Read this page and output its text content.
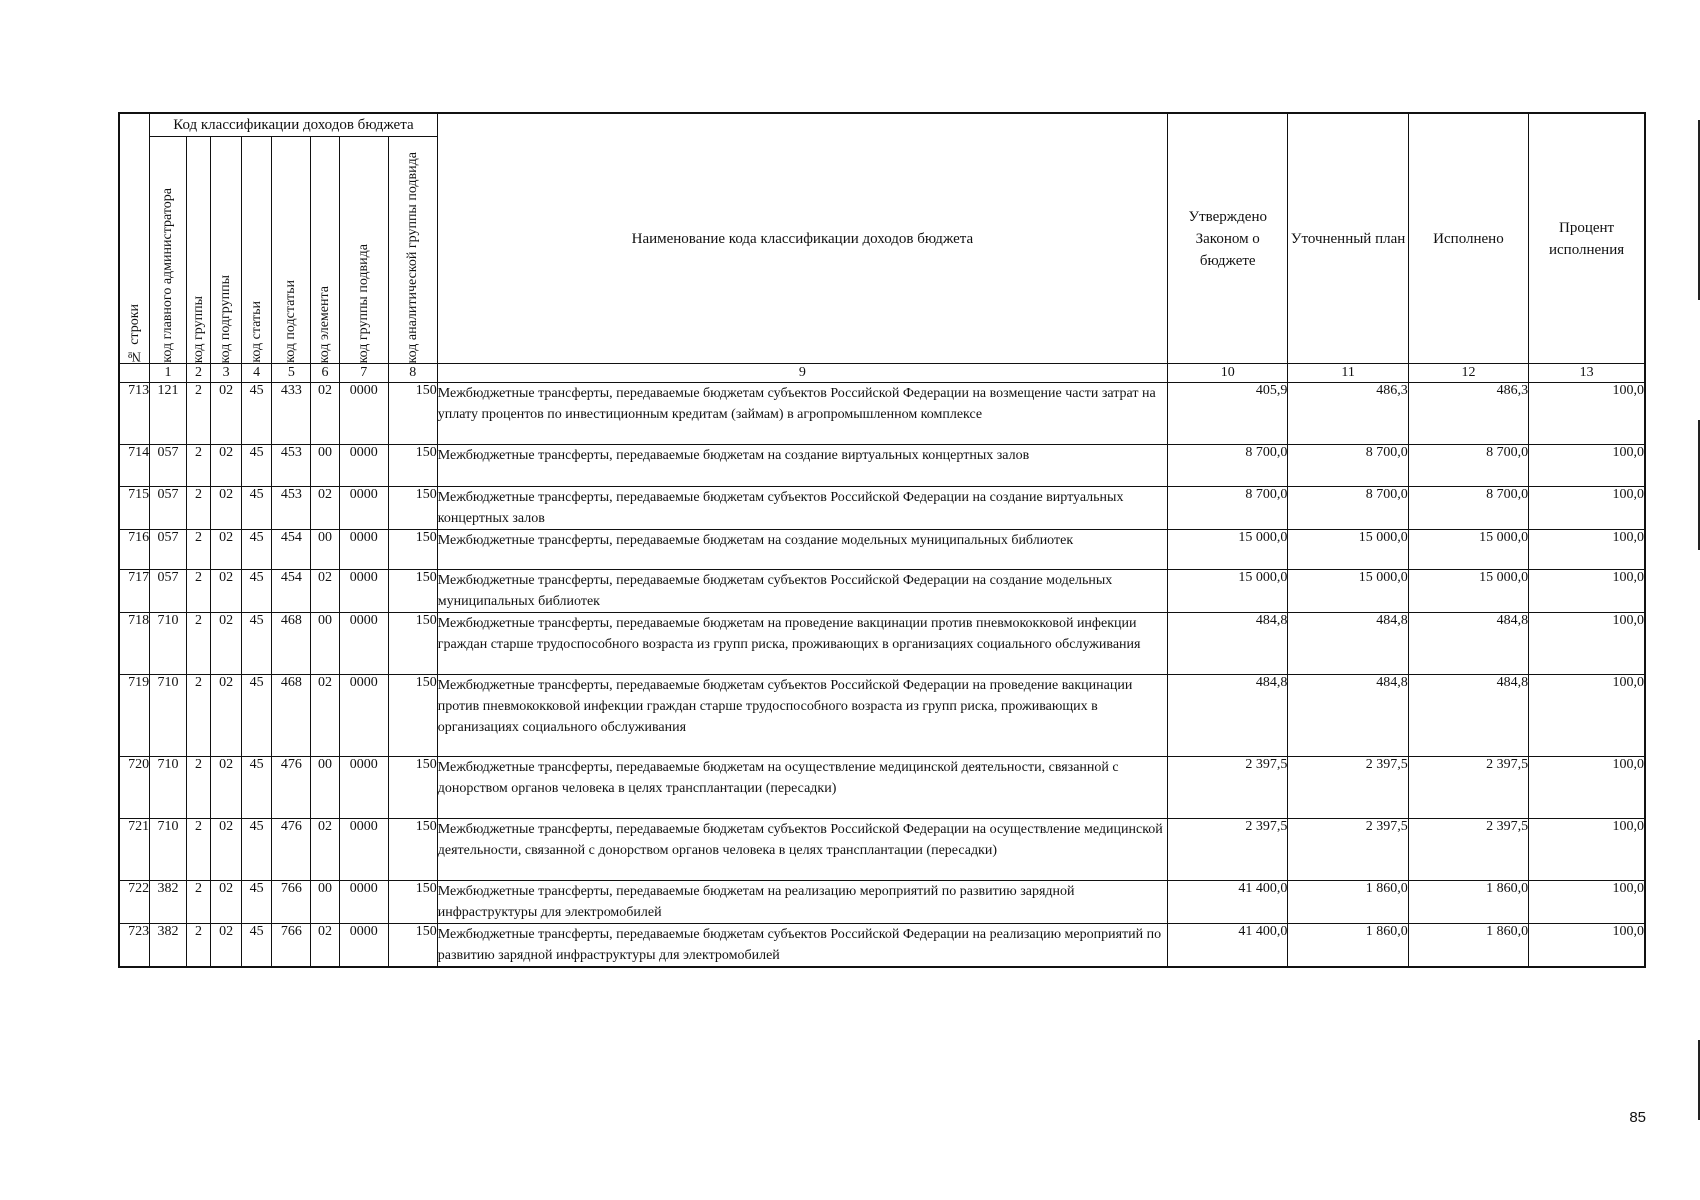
№ строки	Код классификации доходов бюджета								Наименование кода классификации доходов бюджета	Утверждено Законом о бюджете	Уточненный план	Исполнено	Процент исполнения

	код главного администратора	код группы	код подгруппы	код статьи	код подстатьи	код элемента	код группы подвида	код аналитической группы подвида					

	1	2	3	4	5	6	7	8	9	10	11	12	13
713	121	2	02	45	433	02	0000	150	Межбюджетные трансферты, передаваемые бюджетам субъектов Российской Федерации на возмещение части затрат на уплату процентов по инвестиционным кредитам (займам) в агропромышленном комплексе	405,9	486,3	486,3	100,0
714	057	2	02	45	453	00	0000	150	Межбюджетные трансферты, передаваемые бюджетам на создание виртуальных концертных залов	8 700,0	8 700,0	8 700,0	100,0
715	057	2	02	45	453	02	0000	150	Межбюджетные трансферты, передаваемые бюджетам субъектов Российской Федерации на создание виртуальных концертных залов	8 700,0	8 700,0	8 700,0	100,0
716	057	2	02	45	454	00	0000	150	Межбюджетные трансферты, передаваемые бюджетам на создание модельных муниципальных библиотек	15 000,0	15 000,0	15 000,0	100,0
717	057	2	02	45	454	02	0000	150	Межбюджетные трансферты, передаваемые бюджетам субъектов Российской Федерации на создание модельных муниципальных библиотек	15 000,0	15 000,0	15 000,0	100,0
718	710	2	02	45	468	00	0000	150	Межбюджетные трансферты, передаваемые бюджетам на проведение вакцинации против пневмококковой инфекции граждан старше трудоспособного возраста из групп риска, проживающих в организациях социального обслуживания	484,8	484,8	484,8	100,0
719	710	2	02	45	468	02	0000	150	Межбюджетные трансферты, передаваемые бюджетам субъектов Российской Федерации на проведение вакцинации против пневмококковой инфекции граждан старше трудоспособного возраста из групп риска, проживающих в организациях социального обслуживания	484,8	484,8	484,8	100,0
720	710	2	02	45	476	00	0000	150	Межбюджетные трансферты, передаваемые бюджетам на осуществление медицинской деятельности, связанной с донорством органов человека в целях трансплантации (пересадки)	2 397,5	2 397,5	2 397,5	100,0
721	710	2	02	45	476	02	0000	150	Межбюджетные трансферты, передаваемые бюджетам субъектов Российской Федерации на осуществление медицинской деятельности, связанной с донорством органов человека в целях трансплантации (пересадки)	2 397,5	2 397,5	2 397,5	100,0
722	382	2	02	45	766	00	0000	150	Межбюджетные трансферты, передаваемые бюджетам на реализацию мероприятий по развитию зарядной инфраструктуры для электромобилей	41 400,0	1 860,0	1 860,0	100,0
723	382	2	02	45	766	02	0000	150	Межбюджетные трансферты, передаваемые бюджетам субъектов Российской Федерации на реализацию мероприятий по развитию зарядной инфраструктуры для электромобилей	41 400,0	1 860,0	1 860,0	100,0
85
